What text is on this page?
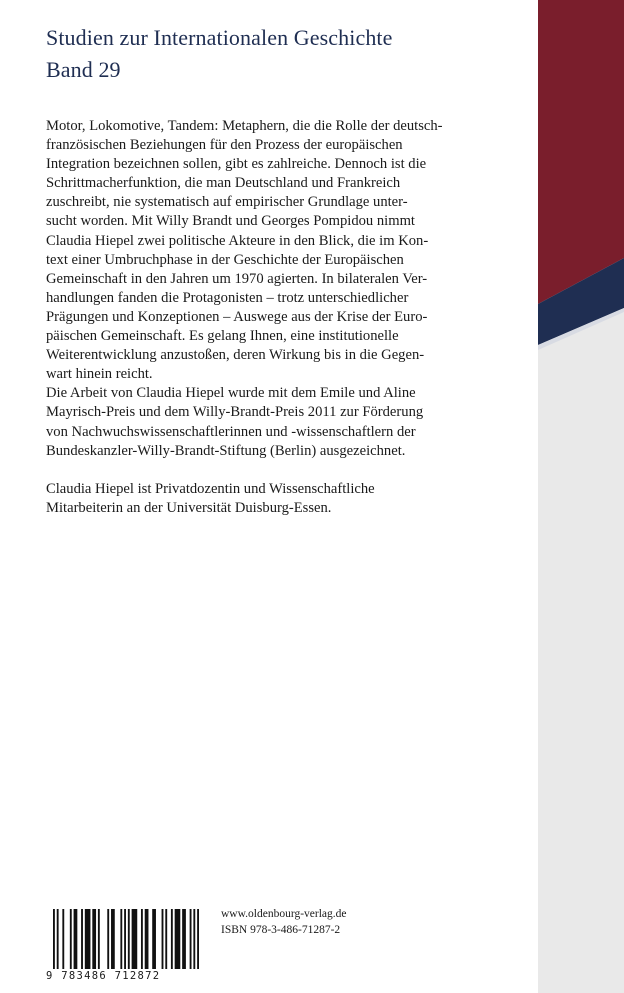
Studien zur Internationalen Geschichte
Band 29
Motor, Lokomotive, Tandem: Metaphern, die die Rolle der deutsch-
französischen Beziehungen für den Prozess der europäischen
Integration bezeichnen sollen, gibt es zahlreiche. Dennoch ist die
Schrittmacherfunktion, die man Deutschland und Frankreich
zuschreibt, nie systematisch auf empirischer Grundlage unter-
sucht worden. Mit Willy Brandt und Georges Pompidou nimmt
Claudia Hiepel zwei politische Akteure in den Blick, die im Kon-
text einer Umbruchphase in der Geschichte der Europäischen
Gemeinschaft in den Jahren um 1970 agierten. In bilateralen Ver-
handlungen fanden die Protagonisten – trotz unterschiedlicher
Prägungen und Konzeptionen – Auswege aus der Krise der Euro-
päischen Gemeinschaft. Es gelang Ihnen, eine institutionelle
Weiterentwicklung anzustoßen, deren Wirkung bis in die Gegen-
wart hinein reicht.
Die Arbeit von Claudia Hiepel wurde mit dem Emile und Aline
Mayrisch-Preis und dem Willy-Brandt-Preis 2011 zur Förderung
von Nachwuchswissenschaftlerinnen und -wissenschaftlern der
Bundeskanzler-Willy-Brandt-Stiftung (Berlin) ausgezeichnet.
Claudia Hiepel ist Privatdozentin und Wissenschaftliche
Mitarbeiterin an der Universität Duisburg-Essen.
9 783486 712872
www.oldenbourg-verlag.de
ISBN 978-3-486-71287-2
